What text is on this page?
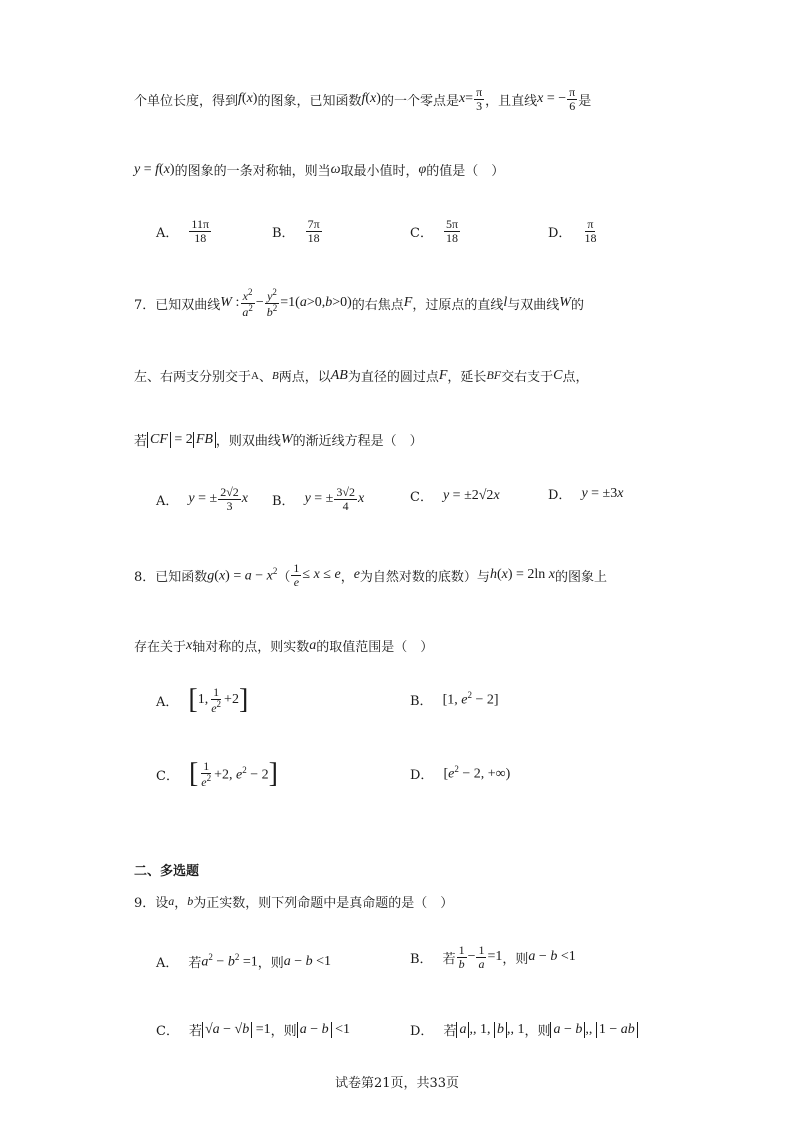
个单位长度，得到 f ( x ) 的图象，已知函数 f ( x ) 的一个零点是 $x = \frac{\pi}{3}$ ，且直线 x = − $\frac{\pi}{6}$ 是
y = f ( x ) 的图象的一条对称轴，则当 ω 取最小值时， φ 的值是（　）
A． $\frac{11\pi}{18}$	B． $\frac{7\pi}{18}$	C． $\frac{5\pi}{18}$	D． $\frac{\pi}{18}$
7．已知双曲线 W : $\frac{x^2}{a^2} - \frac{y^2}{b^2} =1(a>0,b>0)$ 的右焦点 F ，过原点的直线 l 与双曲线 W 的
左、右两支分别交于 A 、 B 两点，以 AB 为直径的圆过点 F ，延长 BF 交右支于 C 点，
若 CF = 2 FB ，则双曲线 W 的渐近线方程是（　）
A． y = ± $\frac{2√2}{3}$ x B． y = ± $\frac{3√2}{4}$ x	C． y = ±2√2x	D． y = ±3x
8．已知函数 $g(x) = a - x^2$ （ $\frac{1}{e} \le x \le e$ ， e 为自然对数的底数）与 h(x) = 2ln x 的图象上
存在关于 x 轴对称的点，则实数 a 的取值范围是（　）
A． [ 1, $\frac{1}{e^2} +2$ ]	B． [1, $e^2 - 2$]
C． [ $\frac{1}{e^2} +2$, $e^2 - 2$ ]	D． [$e^2 - 2$, +∞)
二、多选题
9．设 a ， b 为正实数，则下列命题中是真命题的是（　）
A． 若 $a^2 - b^2 =1$ ， 则 a − b <1	B． 若 $\frac{1}{b} - \frac{1}{a} =1$ ， 则 a − b <1
C． 若 √a − √b =1 ， 则 a − b <1	D． 若 a ,, 1, b ,, 1 ， 则 a − b ,, 1 − ab
试卷第21页，共33页
